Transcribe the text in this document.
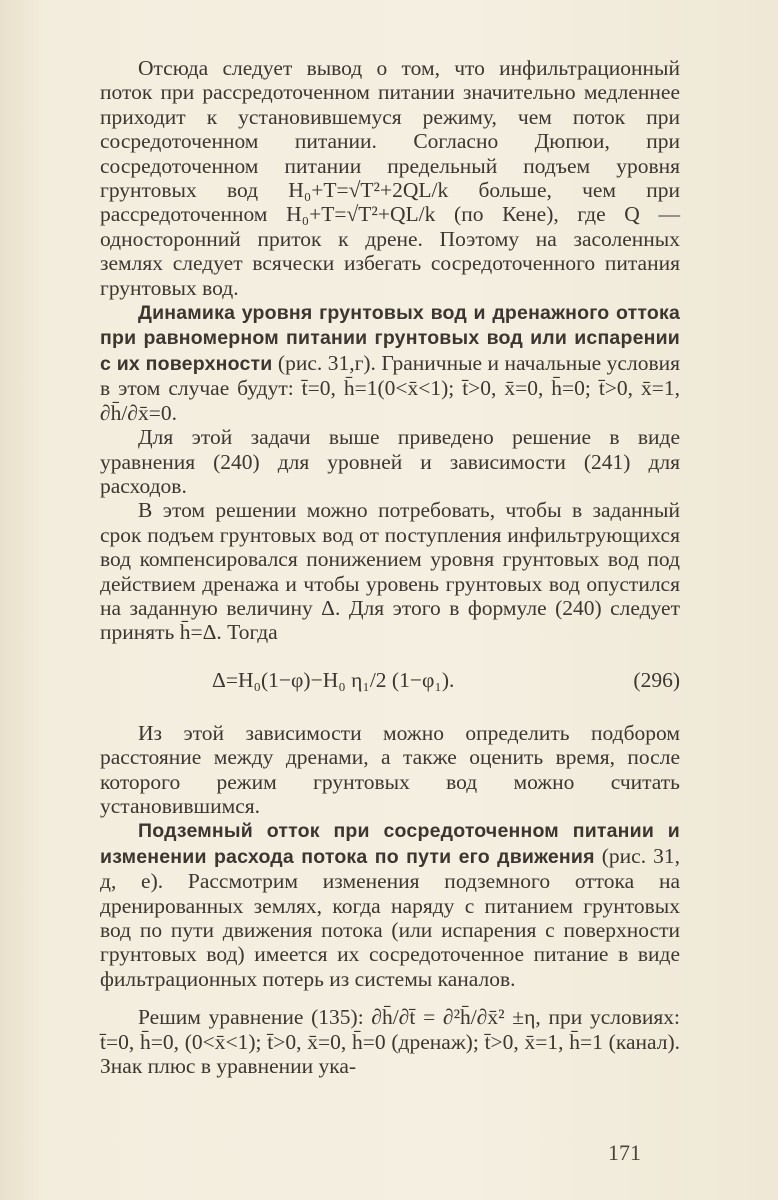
Отсюда следует вывод о том, что инфильтрационный поток при рассредоточенном питании значительно медленнее приходит к установившемуся режиму, чем поток при сосредоточенном питании. Согласно Дюпюи, при сосредоточенном питании предельный подъем уровня грунтовых вод H₀+T=√T²+2QL/k больше, чем при рассредоточенном H₀+T=√T²+QL/k (по Кене), где Q — односторонний приток к дрене. Поэтому на засоленных землях следует всячески избегать сосредоточенного питания грунтовых вод.

Динамика уровня грунтовых вод и дренажного оттока при равномерном питании грунтовых вод или испарении с их поверхности (рис. 31,г). Граничные и начальные условия в этом случае будут: t̄=0, h̄=1(0<x̄<1); t̄>0, x̄=0, h̄=0; t̄>0, x̄=1, ∂h̄/∂x̄=0.

Для этой задачи выше приведено решение в виде уравнения (240) для уровней и зависимости (241) для расходов.

В этом решении можно потребовать, чтобы в заданный срок подъем грунтовых вод от поступления инфильтрующихся вод компенсировался понижением уровня грунтовых вод под действием дренажа и чтобы уровень грунтовых вод опустился на заданную величину Δ. Для этого в формуле (240) следует принять h̄=Δ. Тогда

Δ=H₀(1−φ)−H₀ η₁/2 (1−φ₁).	(296)

Из этой зависимости можно определить подбором расстояние между дренами, а также оценить время, после которого режим грунтовых вод можно считать установившимся.

Подземный отток при сосредоточенном питании и изменении расхода потока по пути его движения (рис. 31, д, е). Рассмотрим изменения подземного оттока на дренированных землях, когда наряду с питанием грунтовых вод по пути движения потока (или испарения с поверхности грунтовых вод) имеется их сосредоточенное питание в виде фильтрационных потерь из системы каналов.

Решим уравнение (135): ∂h̄/∂t̄ = ∂²h̄/∂x̄² ±η, при условиях: t̄=0, h̄=0, (0<x̄<1); t̄>0, x̄=0, h̄=0 (дренаж); t̄>0, x̄=1, h̄=1 (канал). Знак плюс в уравнении ука-

171
